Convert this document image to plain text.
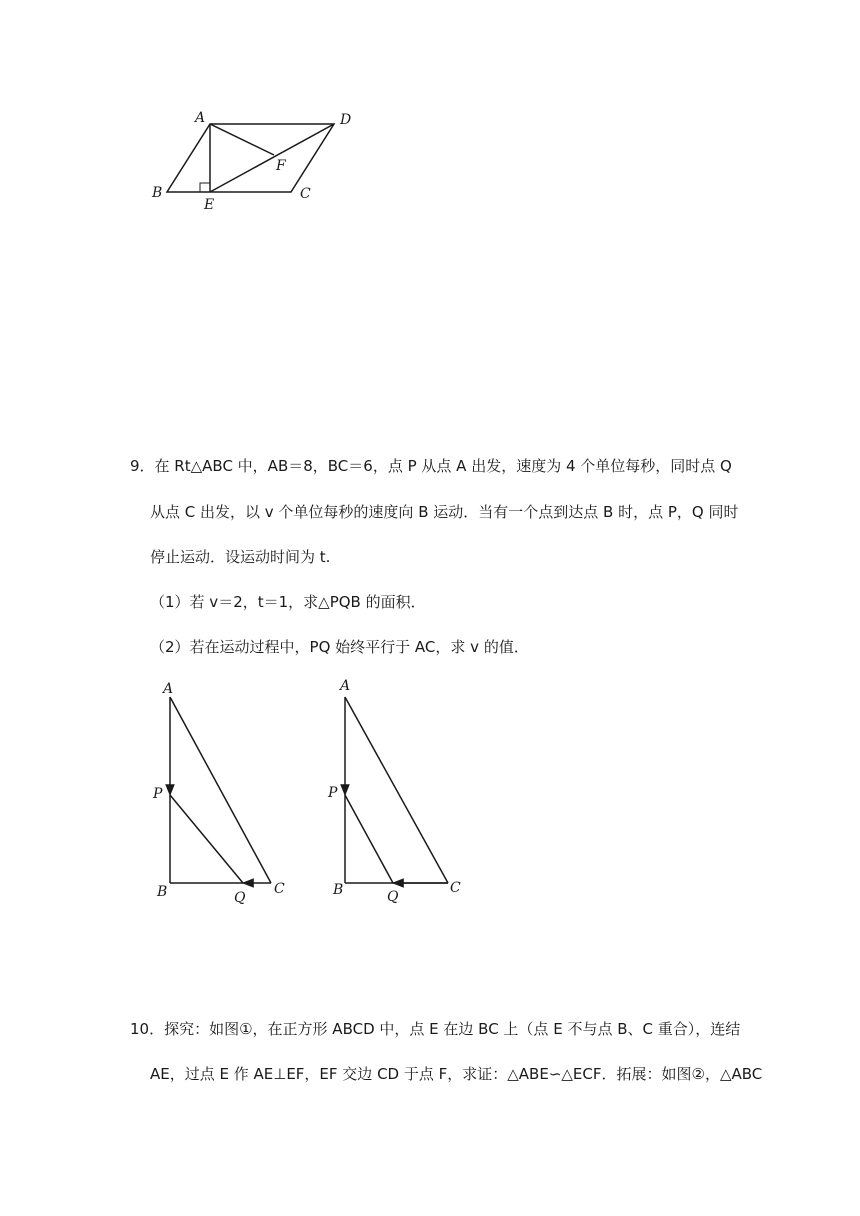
A	D
F
B
E
C
9．在 Rt△ABC 中，AB＝8，BC＝6，点 P 从点 A 出发，速度为 4 个单位每秒，同时点 Q
从点 C 出发，以 v 个单位每秒的速度向 B 运动．当有一个点到达点 B 时，点 P，Q 同时
停止运动．设运动时间为 t.
（1）若 v＝2，t＝1，求△PQB 的面积．
（2）若在运动过程中，PQ 始终平行于 AC，求 v 的值．
A
P
B	Q
C
A
P
B	Q
C
10．探究：如图①，在正方形 ABCD 中，点 E 在边 BC 上（点 E 不与点 B、C 重合），连结
AE，过点 E 作 AE⊥EF，EF 交边 CD 于点 F，求证：△ABE∽△ECF．拓展：如图②，△ABC
